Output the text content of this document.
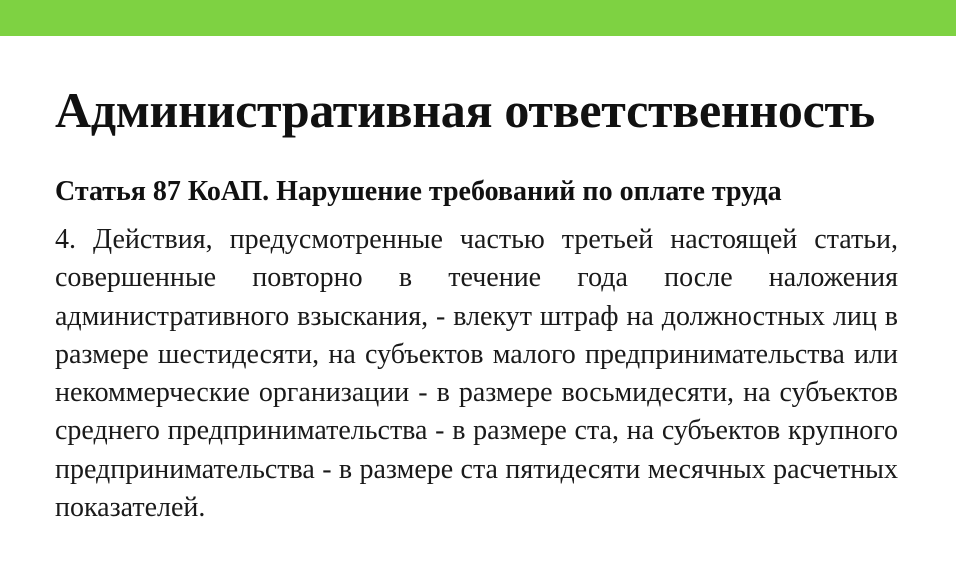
Административная ответственность
Статья 87 КоАП. Нарушение требований по оплате труда

4. Действия, предусмотренные частью третьей настоящей статьи, совершенные повторно в течение года после наложения административного взыскания, - влекут штраф на должностных лиц в размере шестидесяти, на субъектов малого предпринимательства или некоммерческие организации - в размере восьмидесяти, на субъектов среднего предпринимательства - в размере ста, на субъектов крупного предпринимательства - в размере ста пятидесяти месячных расчетных показателей.
